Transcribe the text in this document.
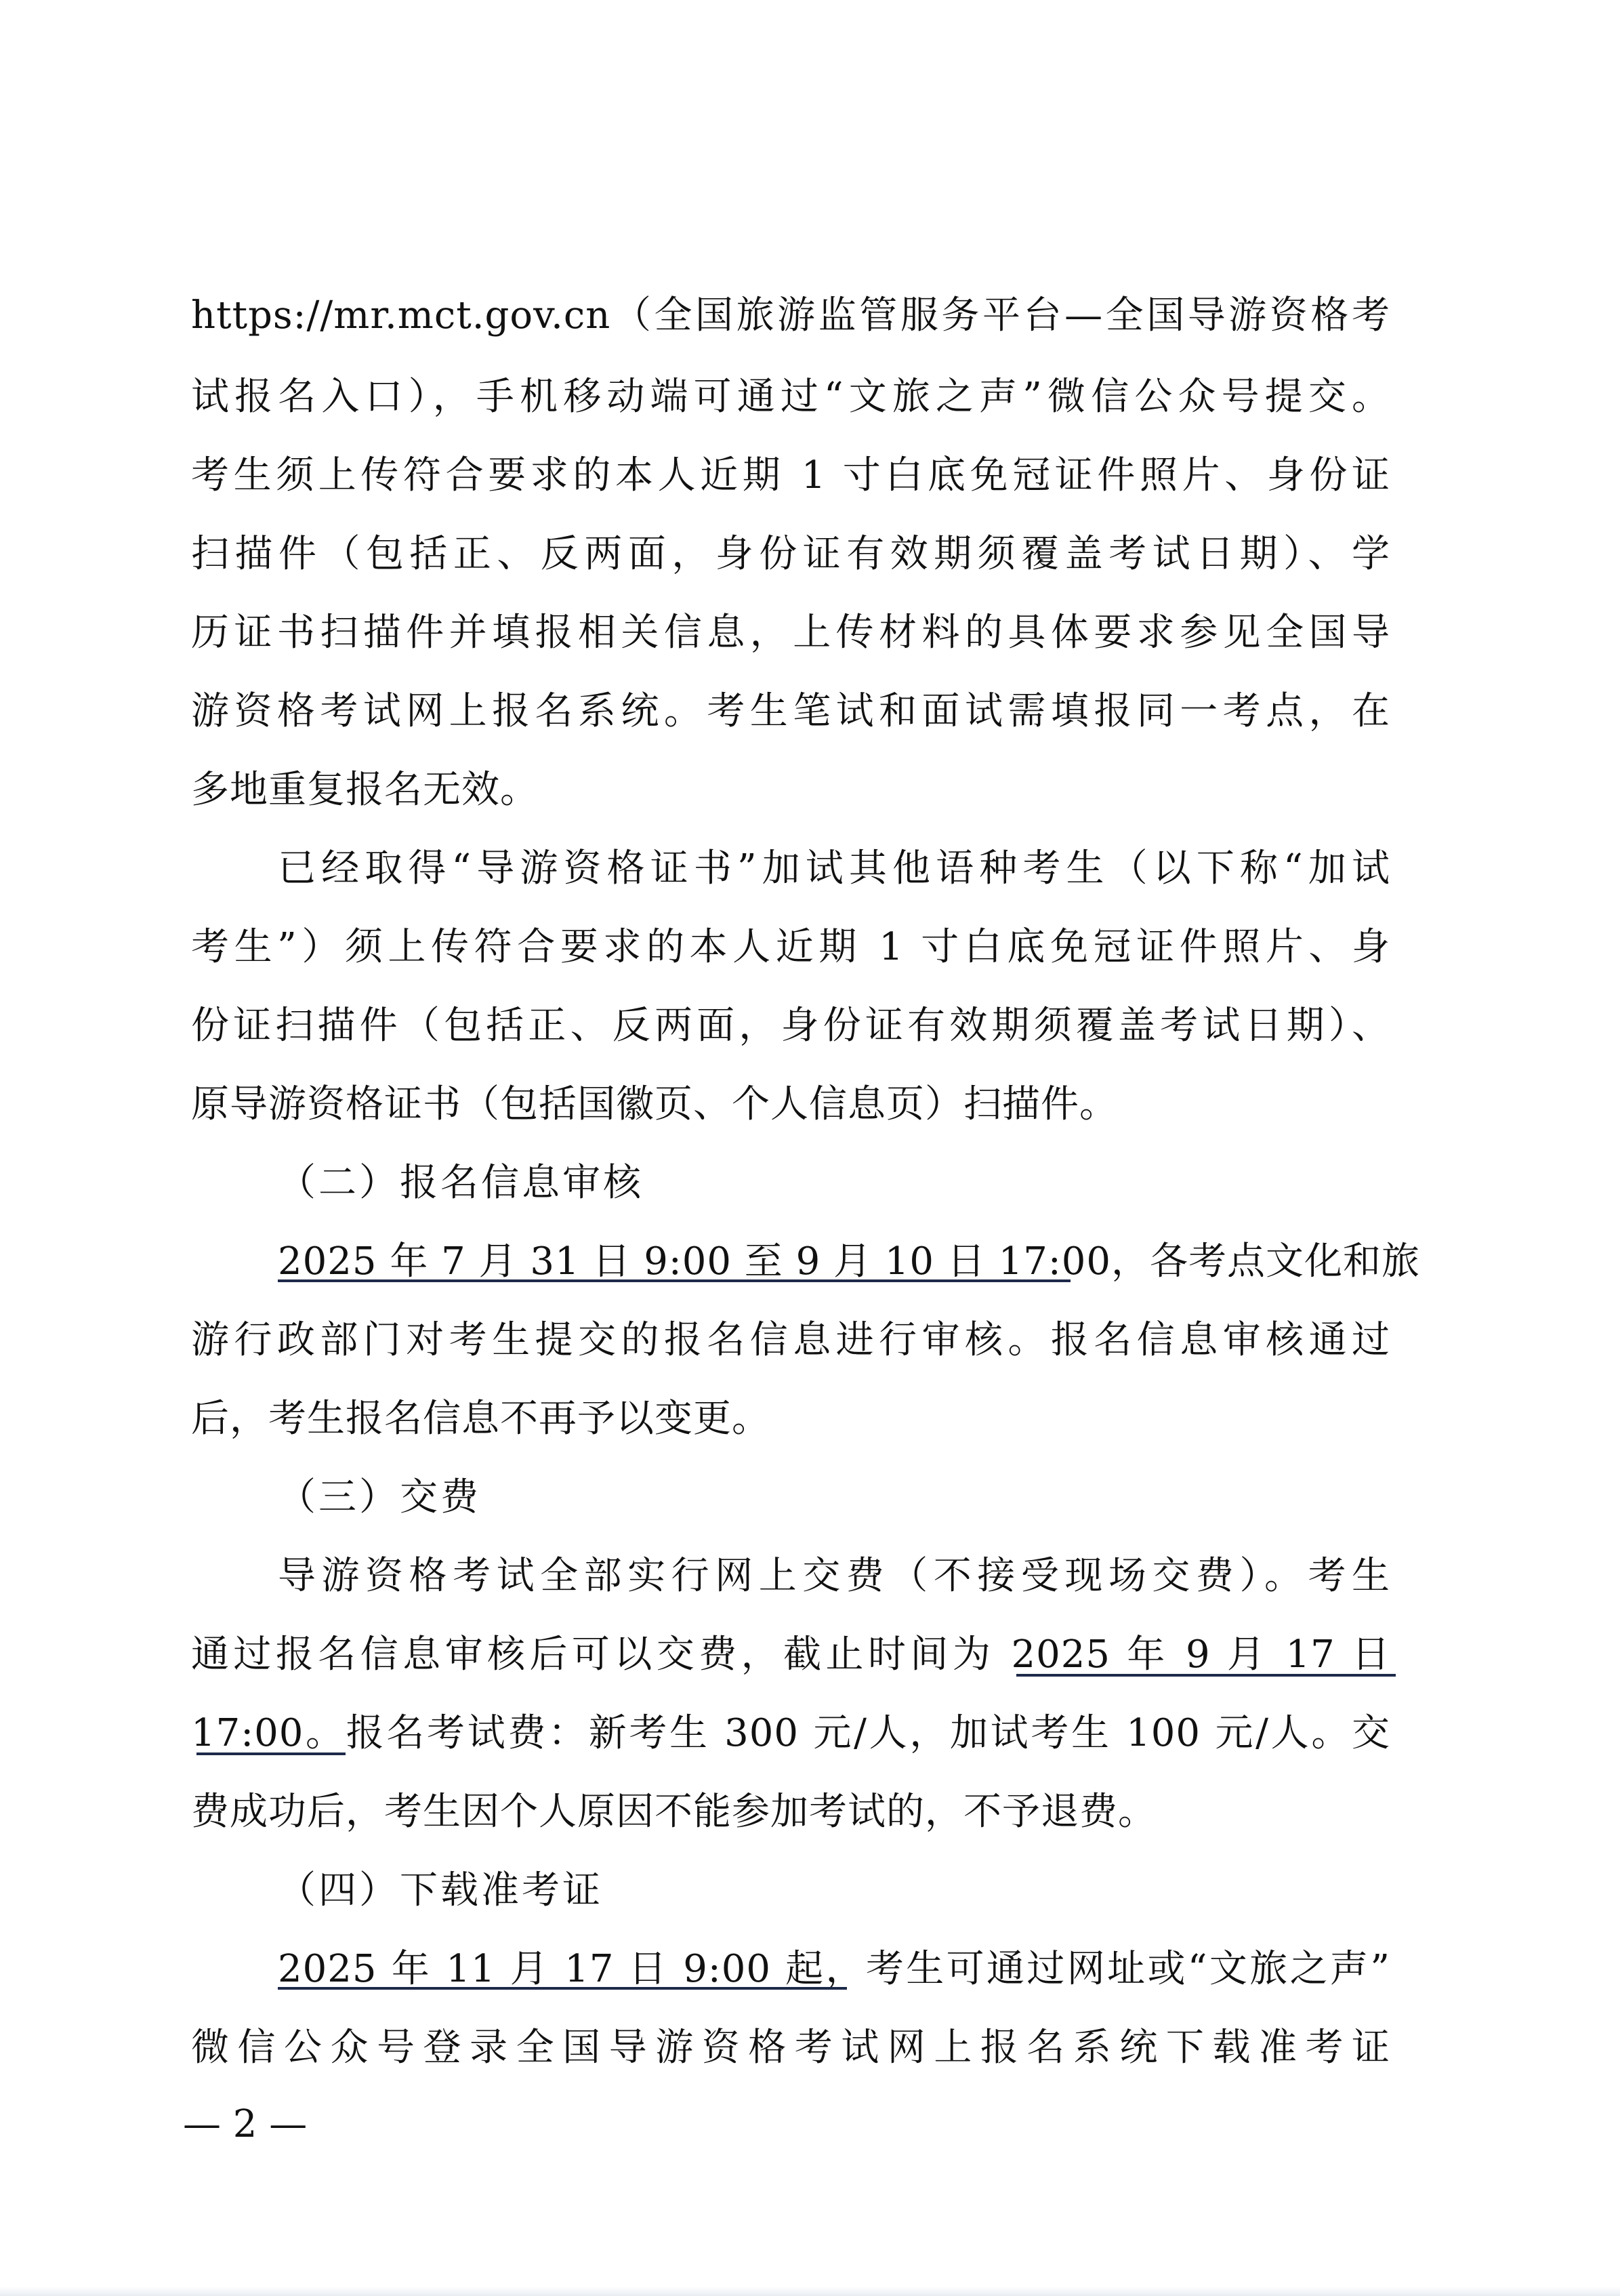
https://mr.mct.gov.cn（全国旅游监管服务平台—全国导游资格考
试报名入口），手机移动端可通过“文旅之声”微信公众号提交。
考生须上传符合要求的本人近期 1 寸白底免冠证件照片、身份证
扫描件（包括正、反两面，身份证有效期须覆盖考试日期）、学
历证书扫描件并填报相关信息，上传材料的具体要求参见全国导
游资格考试网上报名系统。考生笔试和面试需填报同一考点，在
多地重复报名无效。
已经取得“导游资格证书”加试其他语种考生（以下称“加试
考生”）须上传符合要求的本人近期 1 寸白底免冠证件照片、身
份证扫描件（包括正、反两面，身份证有效期须覆盖考试日期）、
原导游资格证书（包括国徽页、个人信息页）扫描件。
（二）报名信息审核
2025 年 7 月 31 日 9:00 至 9 月 10 日 17:00，各考点文化和旅
游行政部门对考生提交的报名信息进行审核。报名信息审核通过
后，考生报名信息不再予以变更。
（三）交费
导游资格考试全部实行网上交费（不接受现场交费）。考生
通过报名信息审核后可以交费，截止时间为 2025 年 9 月 17 日
17:00。报名考试费：新考生 300 元/人，加试考生 100 元/人。交
费成功后，考生因个人原因不能参加考试的，不予退费。
（四）下载准考证
2025 年 11 月 17 日 9:00 起，考生可通过网址或“文旅之声”
微信公众号登录全国导游资格考试网上报名系统下载准考证
— 2 —
